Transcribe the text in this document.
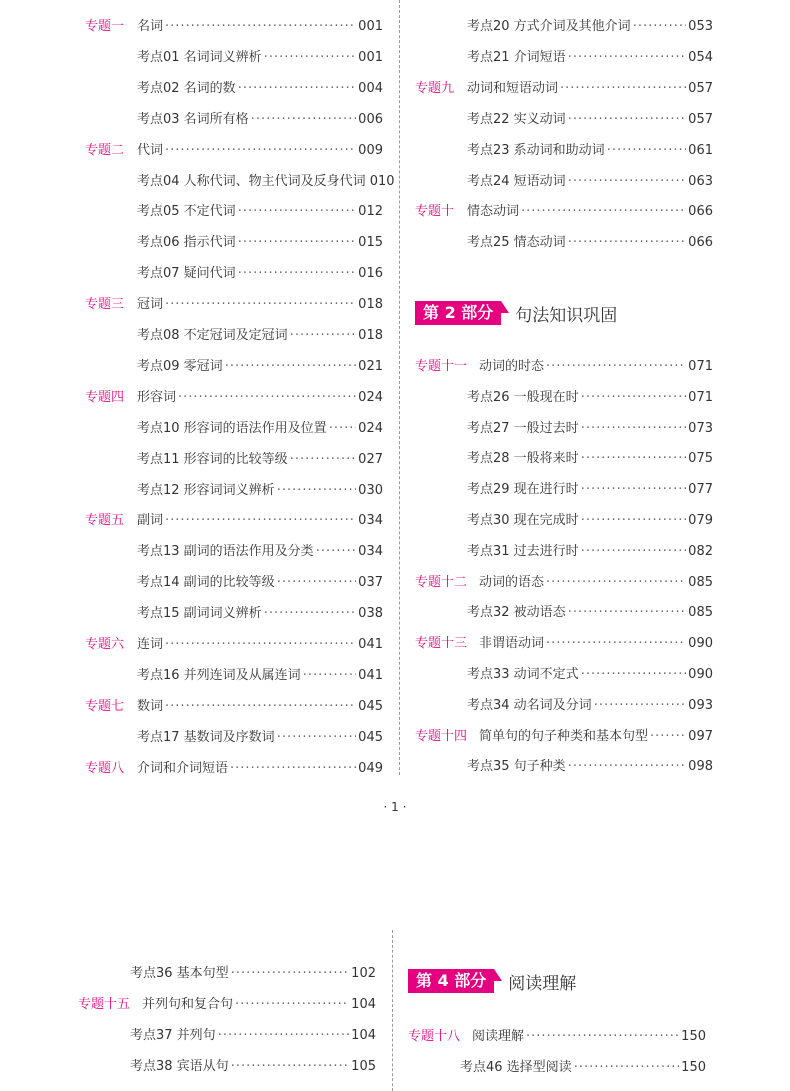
专题一 名词 ·····	001
考点01 名词词义辨析 ·····	001
考点02 名词的数 ·····	004
考点03 名词所有格 ·····	006
专题二 代词 ·····	009
考点04 人称代词、物主代词及反身代词 010
考点05 不定代词 ·····	012
考点06 指示代词 ·····	015
考点07 疑问代词 ·····	016
专题三 冠词 ·····	018
考点08 不定冠词及定冠词 ·····	018
考点09 零冠词 ·····	021
专题四 形容词 ·····	024
考点10 形容词的语法作用及位置 ····· 024
考点11 形容词的比较等级 ·····	027
考点12 形容词词义辨析 ·····	030
专题五 副词 ·····	034
考点13 副词的语法作用及分类 ·····	034
考点14 副词的比较等级 ·····	037
考点15 副词词义辨析 ·····	038
专题六 连词 ·····	041
考点16 并列连词及从属连词 ·····	041
专题七 数词 ·····	045
考点17 基数词及序数词 ·····	045
专题八 介词和介词短语 ·····	049
第 2 部分	句法知识巩固
考点20 方式介词及其他介词 ·····	053
考点21 介词短语 ·····	054
专题九 动词和短语动词 ·····	057
考点22 实义动词 ·····	057
考点23 系动词和助动词 ·····	061
考点24 短语动词 ·····	063
专题十 情态动词 ·····	066
考点25 情态动词 ·····	066
专题十一 动词的时态 ·····	071
考点26 一般现在时 ·····	071
考点27 一般过去时 ·····	073
考点28 一般将来时 ·····	075
考点29 现在进行时 ·····	077
考点30 现在完成时 ·····	079
考点31 过去进行时 ·····	082
专题十二 动词的语态 ·····	085
考点32 被动语态 ·····	085
专题十三 非谓语动词 ·····	090
考点33 动词不定式 ·····	090
考点34 动名词及分词 ·····	093
专题十四 简单句的句子种类和基本句型 ·····	097
考点35 句子种类 ·····	098
· 1 ·
考点36 基本句型 ·····	102
专题十五 并列句和复合句 ·····	104
考点37 并列句 ·····	104
考点38 宾语从句 ·····	105
第 4 部分	阅读理解
专题十八 阅读理解 ·····	150
考点46 选择型阅读 ·····	150
